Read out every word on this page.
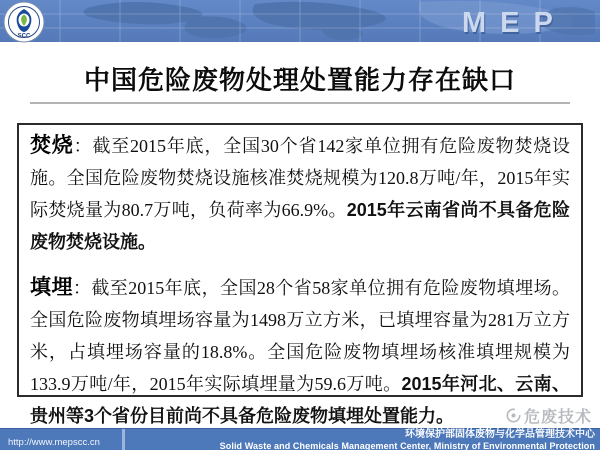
MEP
SCC
中国危险废物处理处置能力存在缺口

焚烧：截至2015年底，全国30个省142家单位拥有危险废物焚烧设施。全国危险废物焚烧设施核准焚烧规模为120.8万吨/年，2015年实际焚烧量为80.7万吨，负荷率为66.9%。2015年云南省尚不具备危险废物焚烧设施。

填埋：截至2015年底，全国28个省58家单位拥有危险废物填埋场。全国危险废物填埋场容量为1498万立方米，已填埋容量为281万立方米，占填埋场容量的18.8%。全国危险废物填埋场核准填埋规模为133.9万吨/年，2015年实际填埋量为59.6万吨。2015年河北、云南、贵州等3个省份目前尚不具备危险废物填埋处置能力。	危废技术
http://www.mepscc.cn
环境保护部固体废物与化学品管理技术中心
Solid Waste and Chemicals Management Center, Ministry of Environmental Protection
